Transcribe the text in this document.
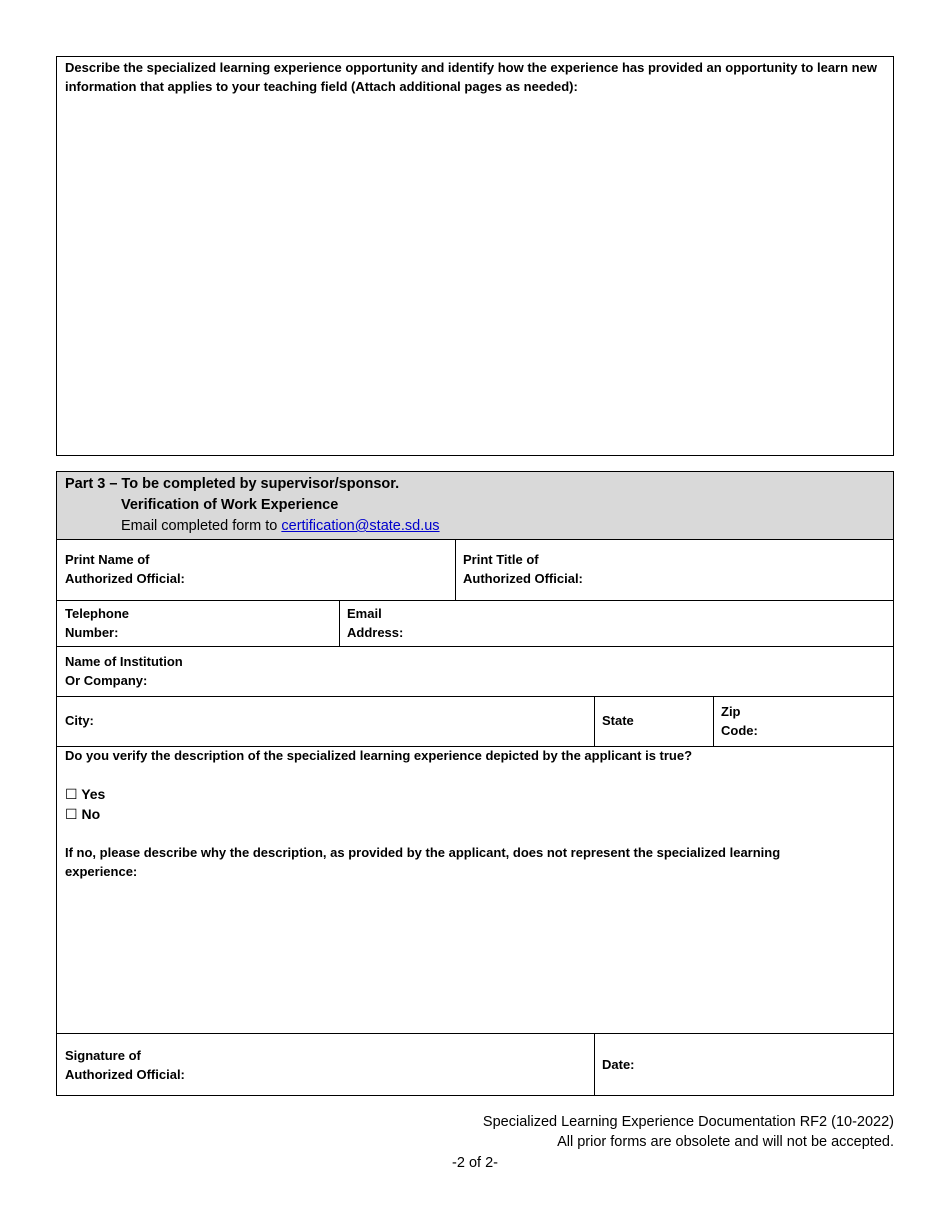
Describe the specialized learning experience opportunity and identify how the experience has provided an opportunity to learn new information that applies to your teaching field (Attach additional pages as needed):
Part 3 – To be completed by supervisor/sponsor.
Verification of Work Experience
Email completed form to certification@state.sd.us
Print Name of
Authorized Official:
Print Title of
Authorized Official:
Telephone
Number:
Email
Address:
Name of Institution
Or Company:
City:	State
Zip
Code:
Do you verify the description of the specialized learning experience depicted by the applicant is true?
☐ Yes
☐ No
If no, please describe why the description, as provided by the applicant, does not represent the specialized learning experience:
Signature of
Authorized Official:
Date:
Specialized Learning Experience Documentation RF2 (10-2022)
All prior forms are obsolete and will not be accepted.
-2 of 2-
